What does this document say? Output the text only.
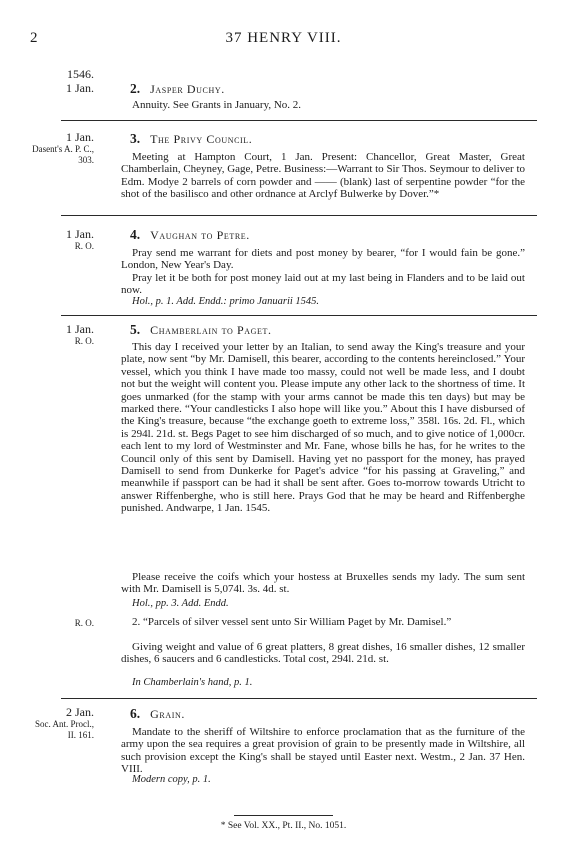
2	37 HENRY VIII.
1546.
1 Jan.	2. Jasper Duchy.

Annuity. See Grants in January, No. 2.

1 Jan.
Dasent's A. P. C., 303.
3. The Privy Council.

Meeting at Hampton Court, 1 Jan. Present: Chancellor, Great Master, Great Chamberlain, Cheyney, Gage, Petre. Business:—Warrant to Sir Thos. Seymour to deliver to Edm. Modye 2 barrels of corn powder and —— (blank) last of serpentine powder “for the shot of the basilisco and other ordnance at Arclyf Bulwerke by Dover.”*

1 Jan.
R. O.
4. Vaughan to Petre.

Pray send me warrant for diets and post money by bearer, “for I would fain be gone.” London, New Year's Day.

Pray let it be both for post money laid out at my last being in Flanders and to be laid out now.

Hol., p. 1. Add. Endd.: primo Januarii 1545.
1 Jan.
R. O.
5. Chamberlain to Paget.

This day I received your letter by an Italian, to send away the King's treasure and your plate, now sent “by Mr. Damisell, this bearer, according to the contents hereinclosed.” Your vessel, which you think I have made too massy, could not well be made less, and I doubt not but the weight will content you. Please impute any other lack to the shortness of time. It goes unmarked (for the stamp with your arms cannot be made this ten days) but may be marked there. “Your candlesticks I also hope will like you.” About this I have disbursed of the King's treasure, because “the exchange goeth to extreme loss,” 358l. 16s. 2d. Fl., which is 294l. 21d. st. Begs Paget to see him discharged of so much, and to give notice of 1,000cr. each lent to my lord of Westminster and Mr. Fane, whose bills he has, for he writes to the Council only of this sent by Damisell. Having yet no passport for the money, has prayed Damisell to send from Dunkerke for Paget's advice “for his passing at Graveling,” and meanwhile if passport can be had it shall be sent after. Goes to-morrow towards Utricht to answer Riffenberghe, who is still here. Prays God that he may be heard and Riffenberghe punished. Andwarpe, 1 Jan. 1545.

Please receive the coifs which your hostess at Bruxelles sends my lady. The sum sent with Mr. Damisell is 5,074l. 3s. 4d. st.

Hol., pp. 3. Add. Endd.
R. O.	2. “Parcels of silver vessel sent unto Sir William Paget by Mr. Damisel.”

Giving weight and value of 6 great platters, 8 great dishes, 16 smaller dishes, 12 smaller dishes, 6 saucers and 6 candlesticks. Total cost, 294l. 21d. st.

In Chamberlain's hand, p. 1.
2 Jan.
Soc. Ant. Procl., II. 161.
6. Grain.

Mandate to the sheriff of Wiltshire to enforce proclamation that as the furniture of the army upon the sea requires a great provision of grain to be presently made in Wiltshire, all such provision except the King's shall be stayed until Easter next. Westm., 2 Jan. 37 Hen. VIII.

Modern copy, p. 1.
* See Vol. XX., Pt. II., No. 1051.
